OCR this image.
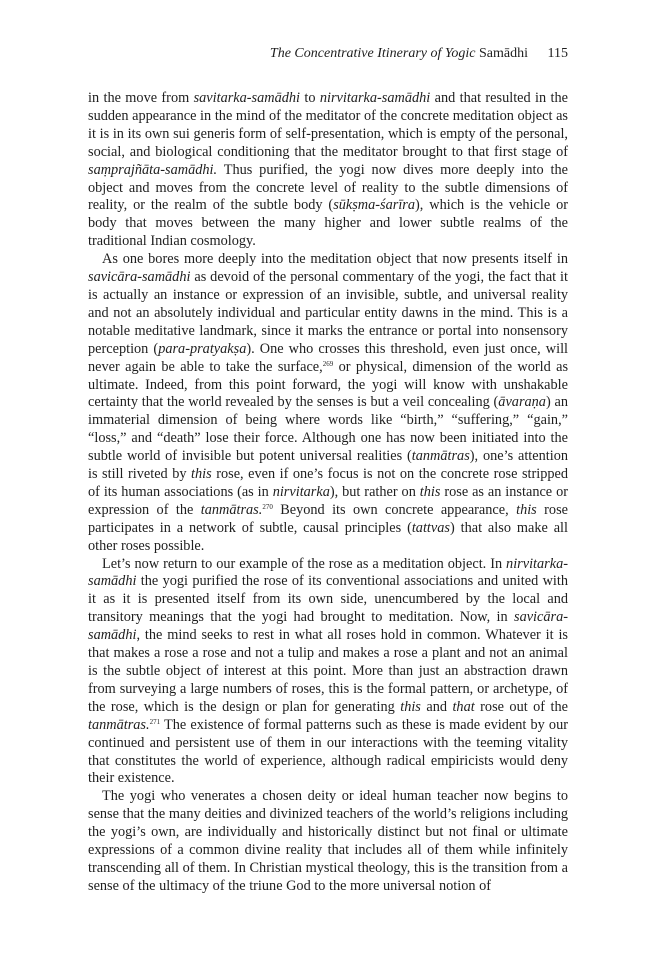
The Concentrative Itinerary of Yogic Samādhi 115

in the move from savitarka-samādhi to nirvitarka-samādhi and that resulted in the sudden appearance in the mind of the meditator of the concrete meditation object as it is in its own sui generis form of self-presentation, which is empty of the personal, social, and biological conditioning that the meditator brought to that first stage of saṃprajñāta-samādhi. Thus purified, the yogi now dives more deeply into the object and moves from the concrete level of reality to the subtle dimensions of reality, or the realm of the subtle body (sūkṣma-śarīra), which is the vehicle or body that moves between the many higher and lower subtle realms of the traditional Indian cosmology.

As one bores more deeply into the meditation object that now presents itself in savicāra-samādhi as devoid of the personal commentary of the yogi, the fact that it is actually an instance or expression of an invisible, subtle, and universal reality and not an absolutely individual and particular entity dawns in the mind. This is a notable meditative landmark, since it marks the entrance or portal into nonsensory perception (para-pratyakṣa). One who crosses this threshold, even just once, will never again be able to take the surface,$^{269}$ or physical, dimension of the world as ultimate. Indeed, from this point forward, the yogi will know with unshakable certainty that the world revealed by the senses is but a veil concealing (āvaraṇa) an immaterial dimension of being where words like “birth,” “suffering,” “gain,” “loss,” and “death” lose their force. Although one has now been initiated into the subtle world of invisible but potent universal realities (tanmātras), one’s attention is still riveted by this rose, even if one’s focus is not on the concrete rose stripped of its human associations (as in nirvitarka), but rather on this rose as an instance or expression of the tanmātras.$^{270}$ Beyond its own concrete appearance, this rose participates in a network of subtle, causal principles (tattvas) that also make all other roses possible.

Let’s now return to our example of the rose as a meditation object. In nirvitarka-samādhi the yogi purified the rose of its conventional associations and united with it as it is presented itself from its own side, unencumbered by the local and transitory meanings that the yogi had brought to meditation. Now, in savicāra-samādhi, the mind seeks to rest in what all roses hold in common. Whatever it is that makes a rose a rose and not a tulip and makes a rose a plant and not an animal is the subtle object of interest at this point. More than just an abstraction drawn from surveying a large numbers of roses, this is the formal pattern, or archetype, of the rose, which is the design or plan for generating this and that rose out of the tanmātras.$^{271}$ The existence of formal patterns such as these is made evident by our continued and persistent use of them in our interactions with the teeming vitality that constitutes the world of experience, although radical empiricists would deny their existence.

The yogi who venerates a chosen deity or ideal human teacher now begins to sense that the many deities and divinized teachers of the world’s religions including the yogi’s own, are individually and historically distinct but not final or ultimate expressions of a common divine reality that includes all of them while infinitely transcending all of them. In Christian mystical theology, this is the transition from a sense of the ultimacy of the triune God to the more universal notion of
